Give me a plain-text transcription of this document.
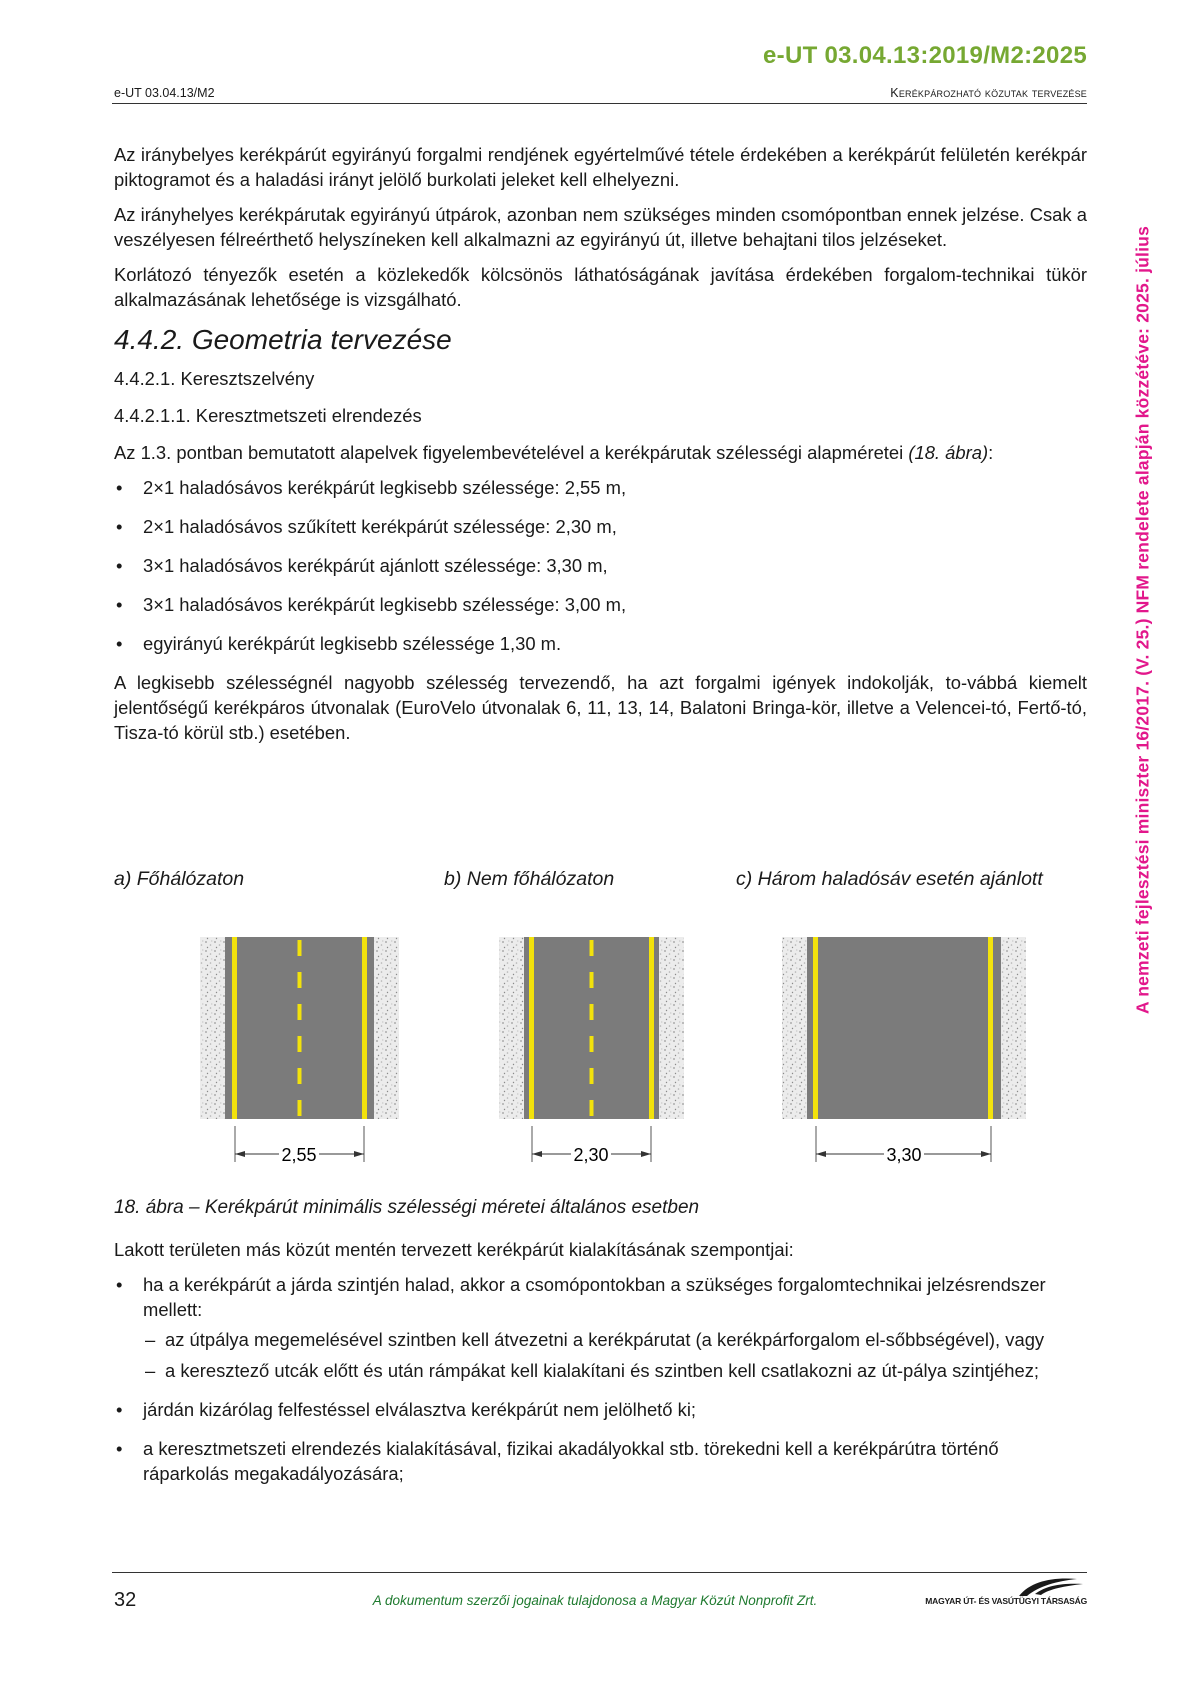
e-UT 03.04.13:2019/M2:2025
e-UT 03.04.13/M2	Kerékpározható közutak tervezése
A nemzeti fejlesztési miniszter 16/2017. (V. 25.) NFM rendelete alapján közzétéve: 2025. július

Az iránybelyes kerékpárút egyirányú forgalmi rendjének egyértelművé tétele érdekében a kerékpárút felületén kerékpár piktogramot és a haladási irányt jelölő burkolati jeleket kell elhelyezni.

Az irányhelyes kerékpárutak egyirányú útpárok, azonban nem szükséges minden csomópontban ennek jelzése. Csak a veszélyesen félreérthető helyszíneken kell alkalmazni az egyirányú út, illetve behajtani tilos jelzéseket.

Korlátozó tényezők esetén a közlekedők kölcsönös láthatóságának javítása érdekében forgalom-technikai tükör alkalmazásának lehetősége is vizsgálható.

4.4.2. Geometria tervezése
4.4.2.1. Keresztszelvény
4.4.2.1.1. Keresztmetszeti elrendezés

Az 1.3. pontban bemutatott alapelvek figyelembevételével a kerékpárutak szélességi alapméretei (18. ábra):

• 2×1 haladósávos kerékpárút legkisebb szélessége: 2,55 m,
• 2×1 haladósávos szűkített kerékpárút szélessége: 2,30 m,
• 3×1 haladósávos kerékpárút ajánlott szélessége: 3,30 m,
• 3×1 haladósávos kerékpárút legkisebb szélessége: 3,00 m,
• egyirányú kerékpárút legkisebb szélessége 1,30 m.

A legkisebb szélességnél nagyobb szélesség tervezendő, ha azt forgalmi igények indokolják, to-vábbá kiemelt jelentőségű kerékpáros útvonalak (EuroVelo útvonalak 6, 11, 13, 14, Balatoni Bringa-kör, illetve a Velencei-tó, Fertő-tó, Tisza-tó körül stb.) esetében.

a) Főhálózaton	b) Nem főhálózaton	c) Három haladósáv esetén ajánlott
2,55	2,30	3,30
18. ábra – Kerékpárút minimális szélességi méretei általános esetben

Lakott területen más közút mentén tervezett kerékpárút kialakításának szempontjai:

• ha a kerékpárút a járda szintjén halad, akkor a csomópontokban a szükséges forgalomtechnikai jelzésrendszer mellett:
– az útpálya megemelésével szintben kell átvezetni a kerékpárutat (a kerékpárforgalom el-sőbbségével), vagy
– a keresztező utcák előtt és után rámpákat kell kialakítani és szintben kell csatlakozni az út-pálya szintjéhez;
• járdán kizárólag felfestéssel elválasztva kerékpárút nem jelölhető ki;
• a keresztmetszeti elrendezés kialakításával, fizikai akadályokkal stb. törekedni kell a kerékpárútra történő ráparkolás megakadályozására;
32	A dokumentum szerzői jogainak tulajdonosa a Magyar Közút Nonprofit Zrt.	MAGYAR ÚT- ÉS VASÚTÜGYI TÁRSASÁG
